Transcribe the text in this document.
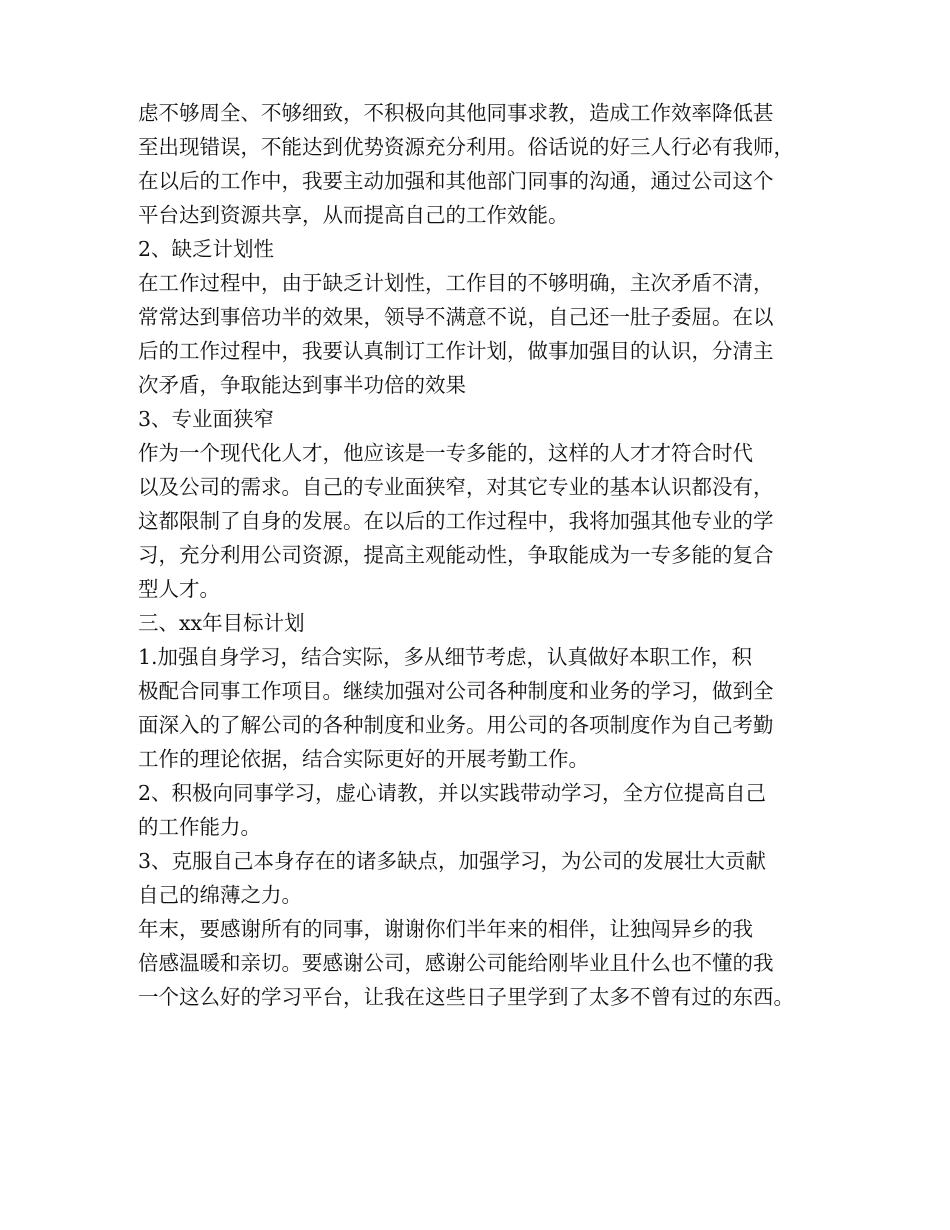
虑不够周全、不够细致，不积极向其他同事求教，造成工作效率降低甚
至出现错误，不能达到优势资源充分利用。俗话说的好三人行必有我师，
在以后的工作中，我要主动加强和其他部门同事的沟通，通过公司这个
平台达到资源共享，从而提高自己的工作效能。
2、缺乏计划性
在工作过程中，由于缺乏计划性，工作目的不够明确，主次矛盾不清，
常常达到事倍功半的效果，领导不满意不说，自己还一肚子委屈。在以
后的工作过程中，我要认真制订工作计划，做事加强目的认识，分清主
次矛盾，争取能达到事半功倍的效果
3、专业面狭窄
作为一个现代化人才，他应该是一专多能的，这样的人才才符合时代
以及公司的需求。自己的专业面狭窄，对其它专业的基本认识都没有，
这都限制了自身的发展。在以后的工作过程中，我将加强其他专业的学
习，充分利用公司资源，提高主观能动性，争取能成为一专多能的复合
型人才。
三、xx年目标计划
1.加强自身学习，结合实际，多从细节考虑，认真做好本职工作，积
极配合同事工作项目。继续加强对公司各种制度和业务的学习，做到全
面深入的了解公司的各种制度和业务。用公司的各项制度作为自己考勤
工作的理论依据，结合实际更好的开展考勤工作。
2、积极向同事学习，虚心请教，并以实践带动学习，全方位提高自己
的工作能力。
3、克服自己本身存在的诸多缺点，加强学习，为公司的发展壮大贡献
自己的绵薄之力。
年末，要感谢所有的同事，谢谢你们半年来的相伴，让独闯异乡的我
倍感温暖和亲切。要感谢公司，感谢公司能给刚毕业且什么也不懂的我
一个这么好的学习平台，让我在这些日子里学到了太多不曾有过的东西。
